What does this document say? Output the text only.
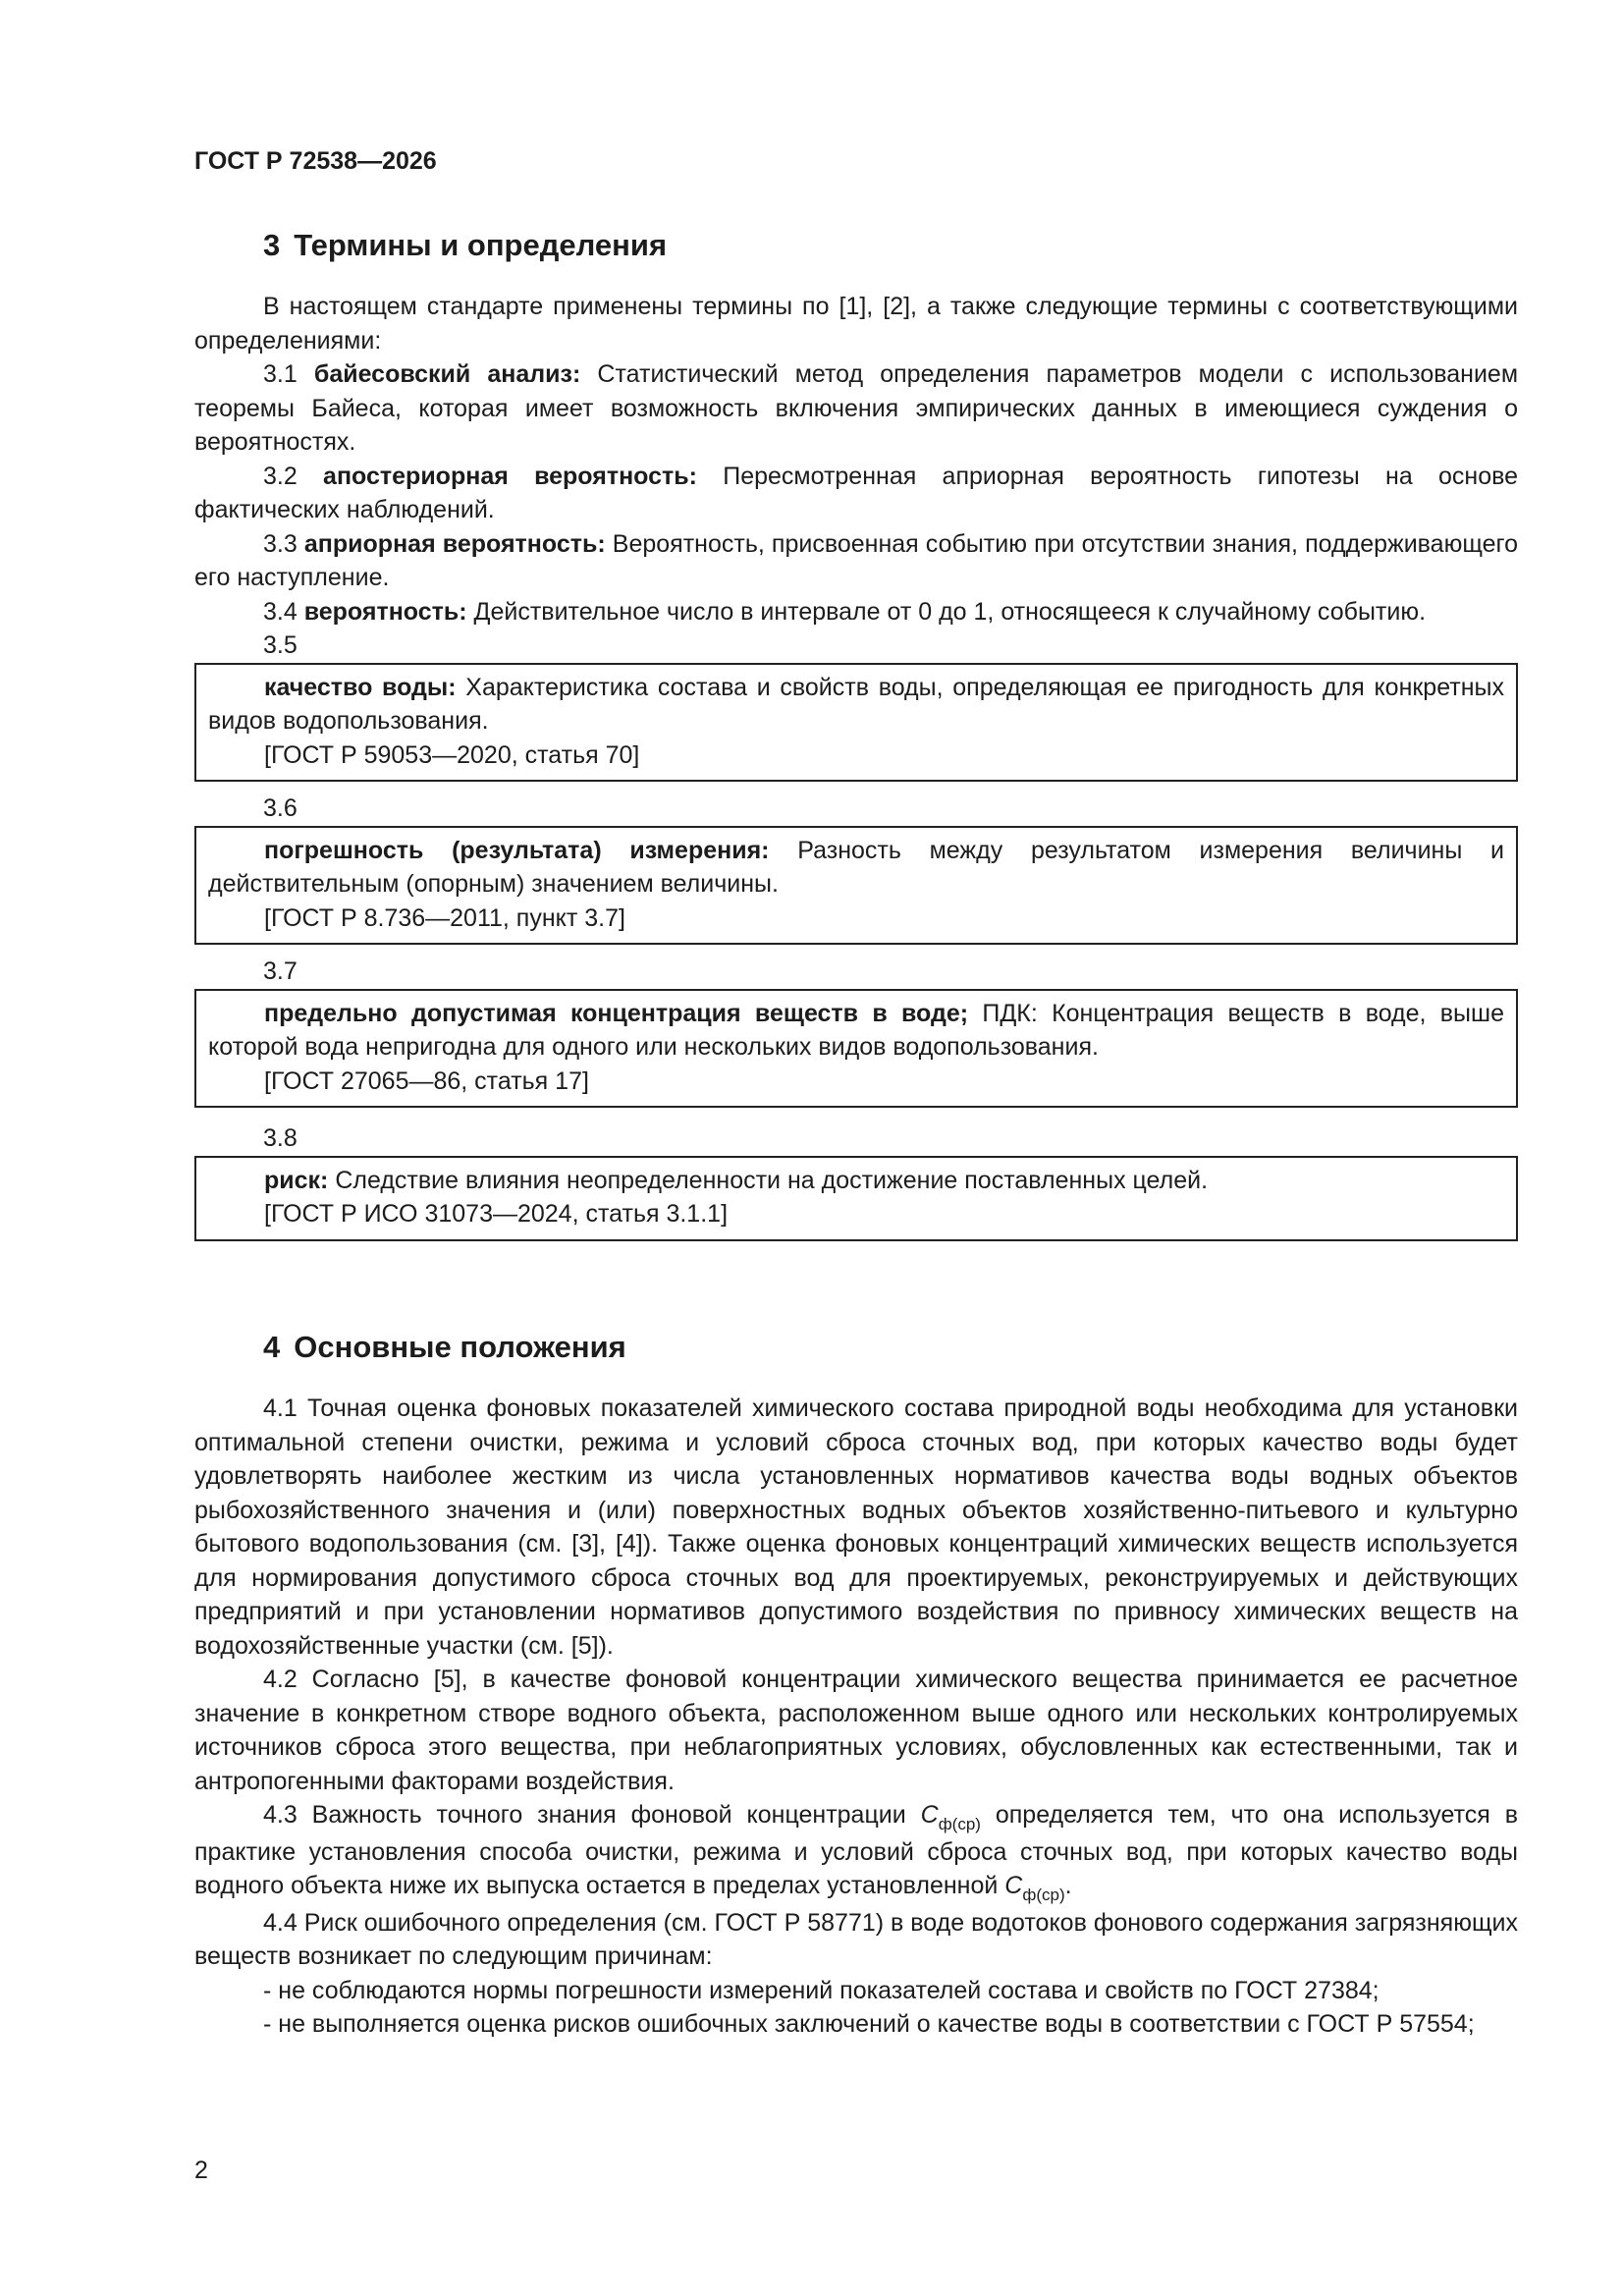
ГОСТ Р 72538—2026

3 Термины и определения

В настоящем стандарте применены термины по [1], [2], а также следующие термины с соответствующими определениями:

3.1 байесовский анализ: Статистический метод определения параметров модели с использованием теоремы Байеса, которая имеет возможность включения эмпирических данных в имеющиеся суждения о вероятностях.

3.2 апостериорная вероятность: Пересмотренная априорная вероятность гипотезы на основе фактических наблюдений.

3.3 априорная вероятность: Вероятность, присвоенная событию при отсутствии знания, поддерживающего его наступление.

3.4 вероятность: Действительное число в интервале от 0 до 1, относящееся к случайному событию.

3.5

качество воды: Характеристика состава и свойств воды, определяющая ее пригодность для конкретных видов водопользования.

[ГОСТ Р 59053—2020, статья 70]

3.6

погрешность (результата) измерения: Разность между результатом измерения величины и действительным (опорным) значением величины.

[ГОСТ Р 8.736—2011, пункт 3.7]

3.7

предельно допустимая концентрация веществ в воде; ПДК: Концентрация веществ в воде, выше которой вода непригодна для одного или нескольких видов водопользования.

[ГОСТ 27065—86, статья 17]

3.8

риск: Следствие влияния неопределенности на достижение поставленных целей.

[ГОСТ Р ИСО 31073—2024, статья 3.1.1]

4 Основные положения

4.1 Точная оценка фоновых показателей химического состава природной воды необходима для установки оптимальной степени очистки, режима и условий сброса сточных вод, при которых качество воды будет удовлетворять наиболее жестким из числа установленных нормативов качества воды водных объектов рыбохозяйственного значения и (или) поверхностных водных объектов хозяйственно-питьевого и культурно бытового водопользования (см. [3], [4]). Также оценка фоновых концентраций химических веществ используется для нормирования допустимого сброса сточных вод для проектируемых, реконструируемых и действующих предприятий и при установлении нормативов допустимого воздействия по привносу химических веществ на водохозяйственные участки (см. [5]).

4.2 Согласно [5], в качестве фоновой концентрации химического вещества принимается ее расчетное значение в конкретном створе водного объекта, расположенном выше одного или нескольких контролируемых источников сброса этого вещества, при неблагоприятных условиях, обусловленных как естественными, так и антропогенными факторами воздействия.

4.3 Важность точного знания фоновой концентрации $C_{ф(ср)}$ определяется тем, что она используется в практике установления способа очистки, режима и условий сброса сточных вод, при которых качество воды водного объекта ниже их выпуска остается в пределах установленной $C_{ф(ср)}$.

4.4 Риск ошибочного определения (см. ГОСТ Р 58771) в воде водотоков фонового содержания загрязняющих веществ возникает по следующим причинам:

- не соблюдаются нормы погрешности измерений показателей состава и свойств по ГОСТ 27384;

- не выполняется оценка рисков ошибочных заключений о качестве воды в соответствии с ГОСТ Р 57554;

2
